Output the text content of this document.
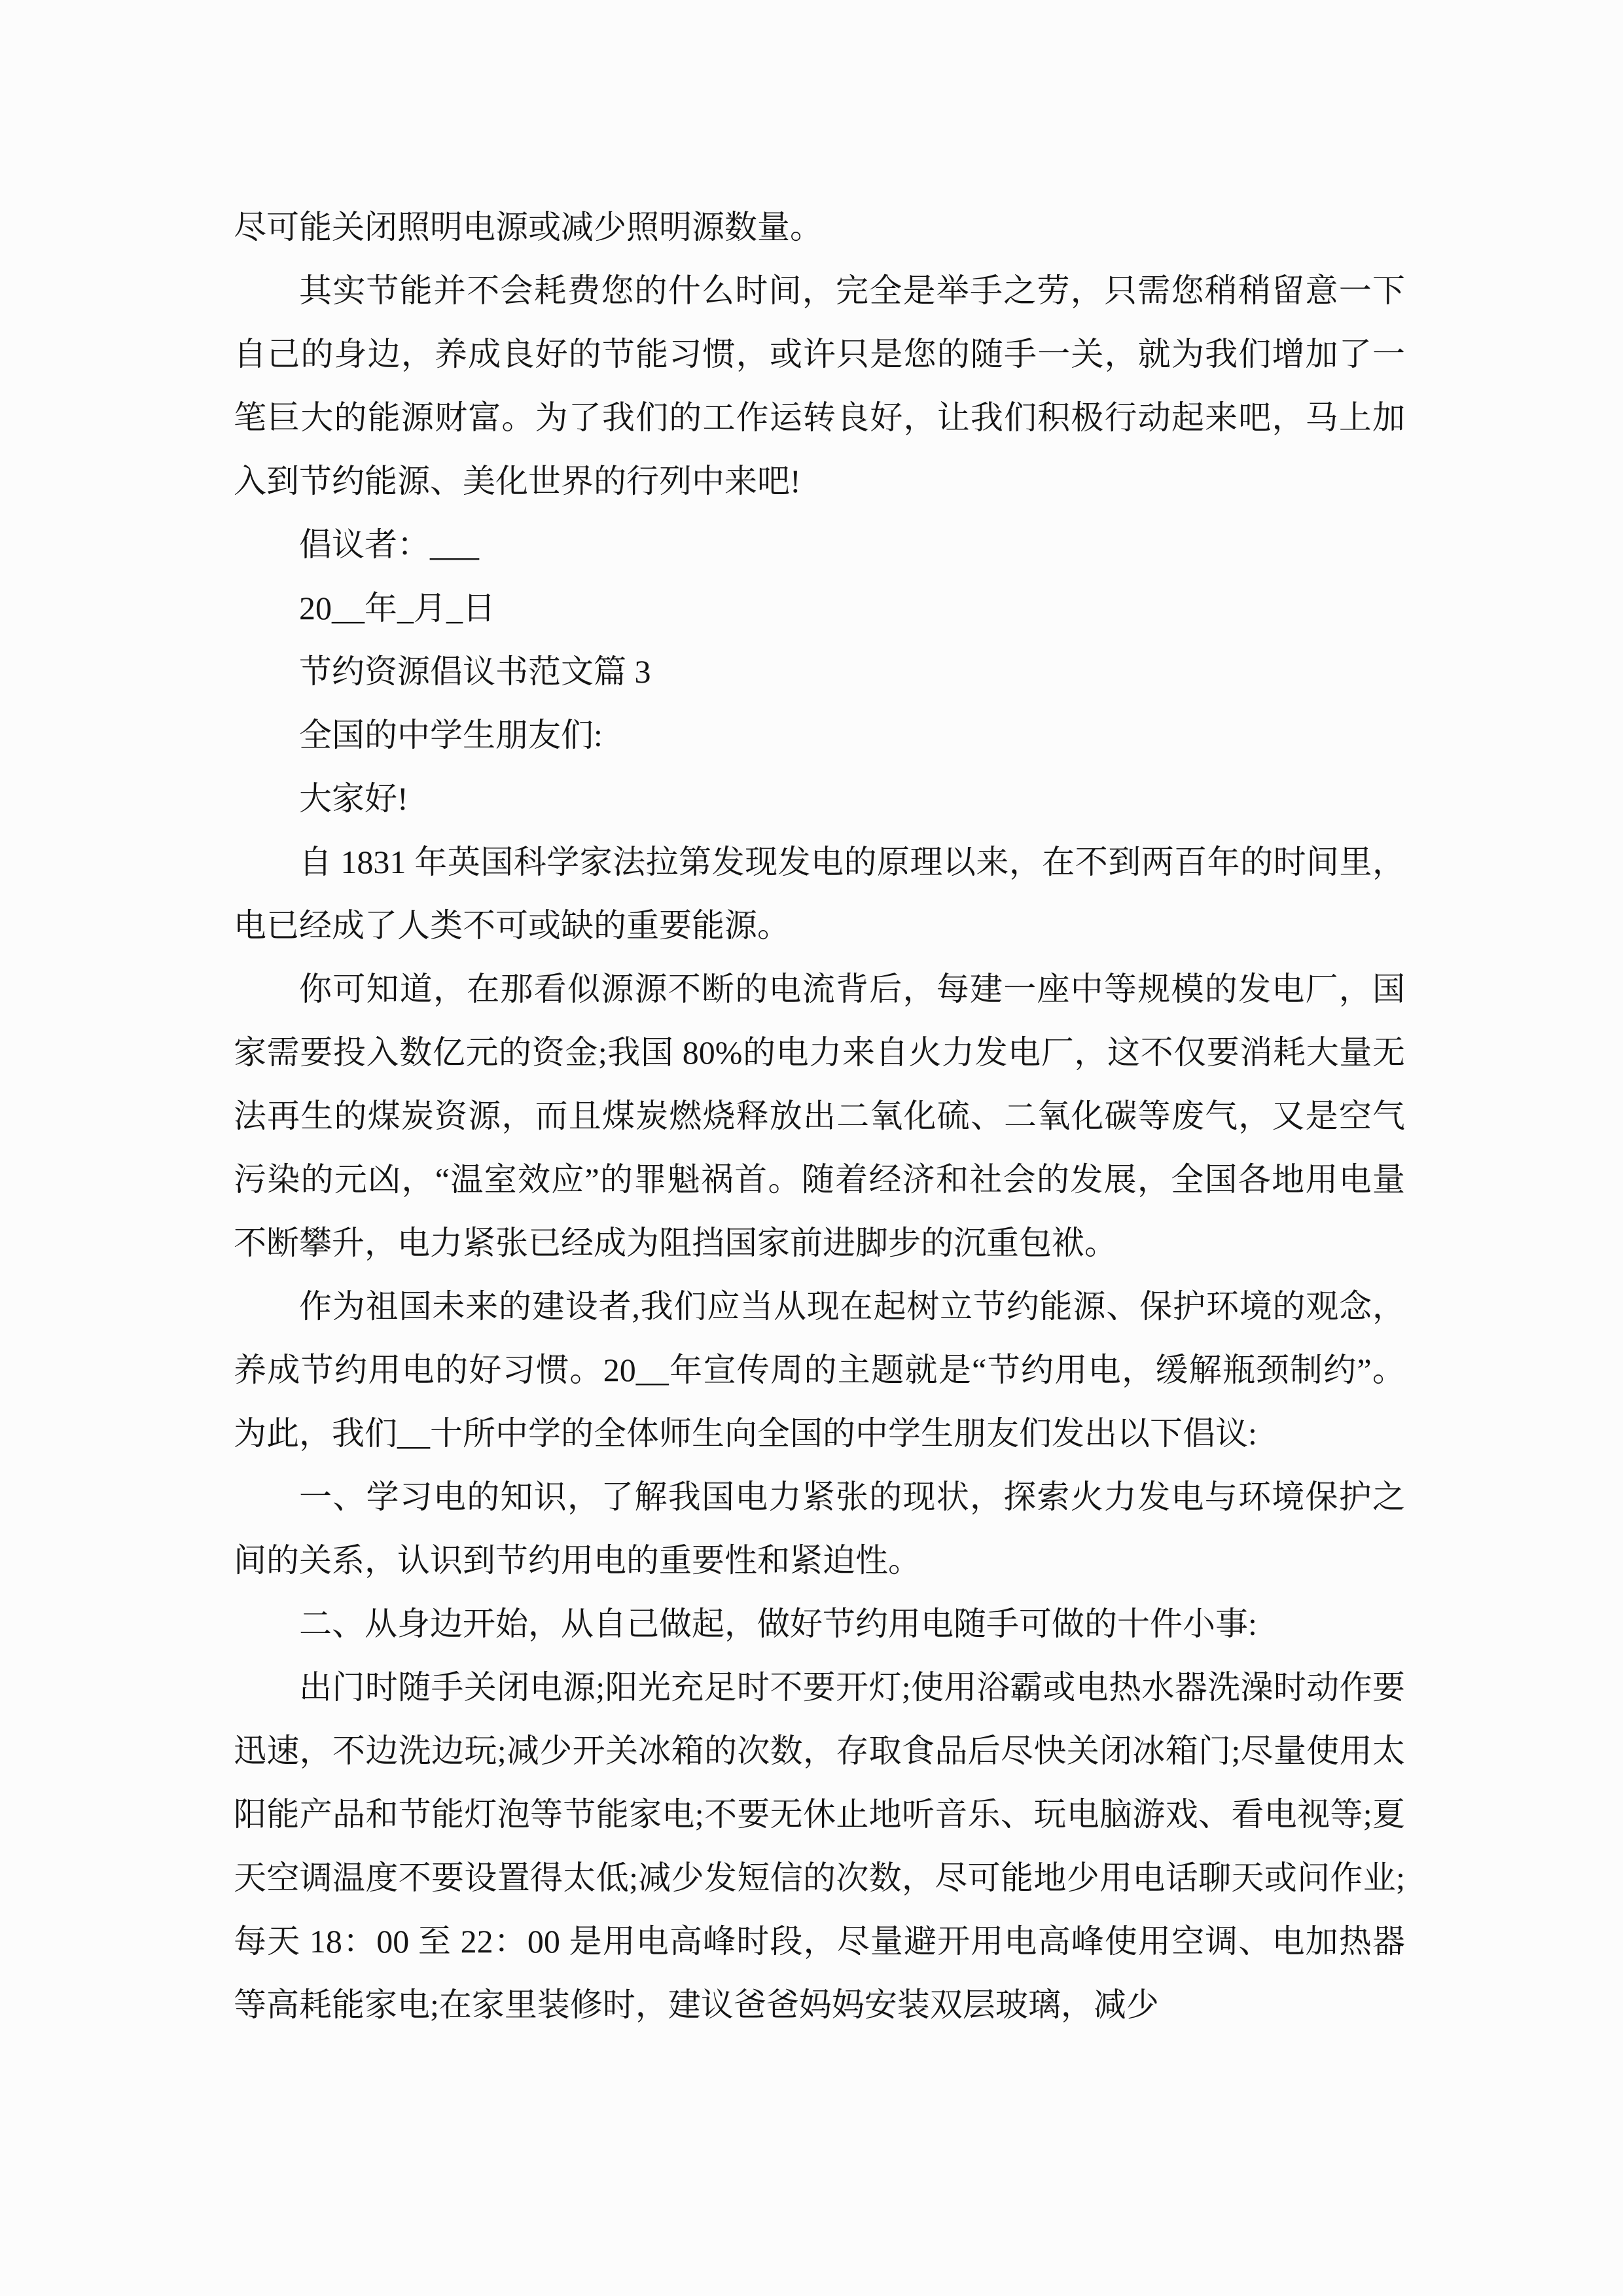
尽可能关闭照明电源或减少照明源数量。

其实节能并不会耗费您的什么时间，完全是举手之劳，只需您稍稍留意一下自己的身边，养成良好的节能习惯，或许只是您的随手一关，就为我们增加了一笔巨大的能源财富。为了我们的工作运转良好，让我们积极行动起来吧，马上加入到节约能源、美化世界的行列中来吧!

倡议者：___

20__年_月_日

节约资源倡议书范文篇 3

全国的中学生朋友们:

大家好!

自 1831 年英国科学家法拉第发现发电的原理以来，在不到两百年的时间里，电已经成了人类不可或缺的重要能源。

你可知道，在那看似源源不断的电流背后，每建一座中等规模的发电厂，国家需要投入数亿元的资金;我国 80%的电力来自火力发电厂，这不仅要消耗大量无法再生的煤炭资源，而且煤炭燃烧释放出二氧化硫、二氧化碳等废气，又是空气污染的元凶，“温室效应”的罪魁祸首。随着经济和社会的发展，全国各地用电量不断攀升，电力紧张已经成为阻挡国家前进脚步的沉重包袱。

作为祖国未来的建设者,我们应当从现在起树立节约能源、保护环境的观念，养成节约用电的好习惯。20__年宣传周的主题就是“节约用电，缓解瓶颈制约”。为此，我们__十所中学的全体师生向全国的中学生朋友们发出以下倡议:

一、学习电的知识，了解我国电力紧张的现状，探索火力发电与环境保护之间的关系，认识到节约用电的重要性和紧迫性。

二、从身边开始，从自己做起，做好节约用电随手可做的十件小事:

出门时随手关闭电源;阳光充足时不要开灯;使用浴霸或电热水器洗澡时动作要迅速，不边洗边玩;减少开关冰箱的次数，存取食品后尽快关闭冰箱门;尽量使用太阳能产品和节能灯泡等节能家电;不要无休止地听音乐、玩电脑游戏、看电视等;夏天空调温度不要设置得太低;减少发短信的次数，尽可能地少用电话聊天或问作业;每天 18：00 至 22：00 是用电高峰时段，尽量避开用电高峰使用空调、电加热器等高耗能家电;在家里装修时，建议爸爸妈妈安装双层玻璃，减少
